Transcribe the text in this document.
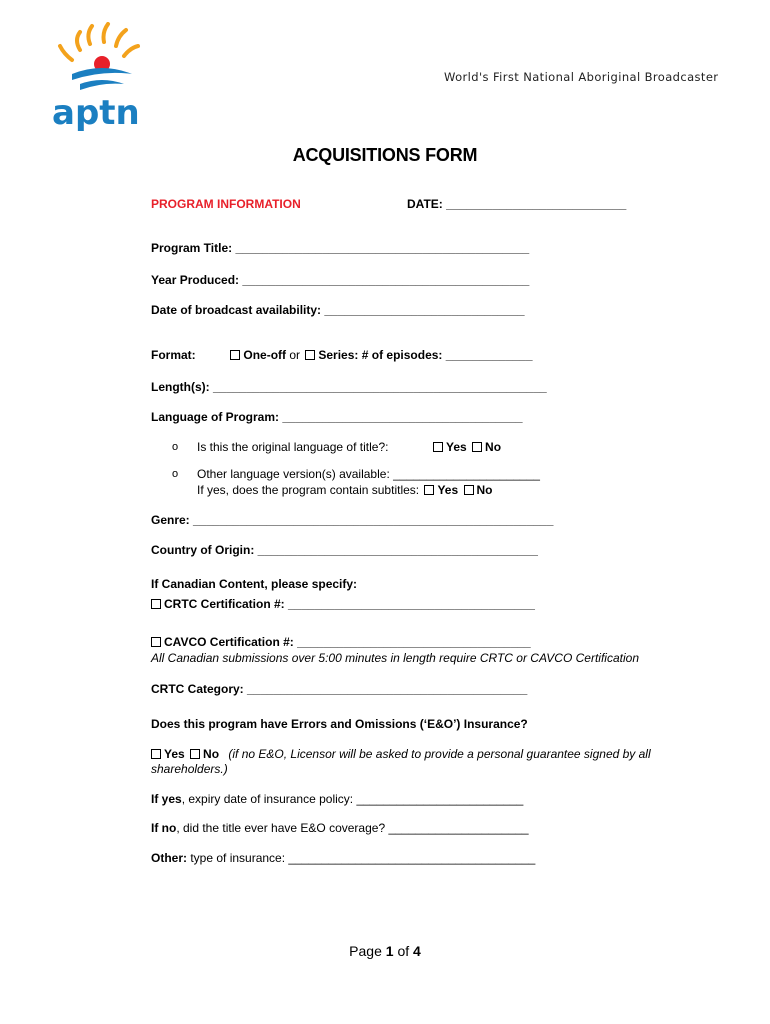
aptn
World's First National Aboriginal Broadcaster
ACQUISITIONS FORM
PROGRAM INFORMATION	DATE: ___________________________
Program Title: ____________________________________________
Year Produced: ___________________________________________
Date of broadcast availability: ______________________________
Format:	One-off or Series: # of episodes: _____________
Length(s): __________________________________________________
Language of Program: ____________________________________
o Is this the original language of title?:	Yes No
o Other language version(s) available: ______________________
If yes, does the program contain subtitles: Yes No
Genre: ______________________________________________________
Country of Origin: __________________________________________
If Canadian Content, please specify:
CRTC Certification #: _____________________________________
CAVCO Certification #: ___________________________________
All Canadian submissions over 5:00 minutes in length require CRTC or CAVCO Certification
CRTC Category: __________________________________________
Does this program have Errors and Omissions (‘E&O’) Insurance?
Yes No (if no E&O, Licensor will be asked to provide a personal guarantee signed by all
shareholders.)
If yes, expiry date of insurance policy: _________________________
If no, did the title ever have E&O coverage? _____________________
Other: type of insurance: _____________________________________
Page 1 of 4
